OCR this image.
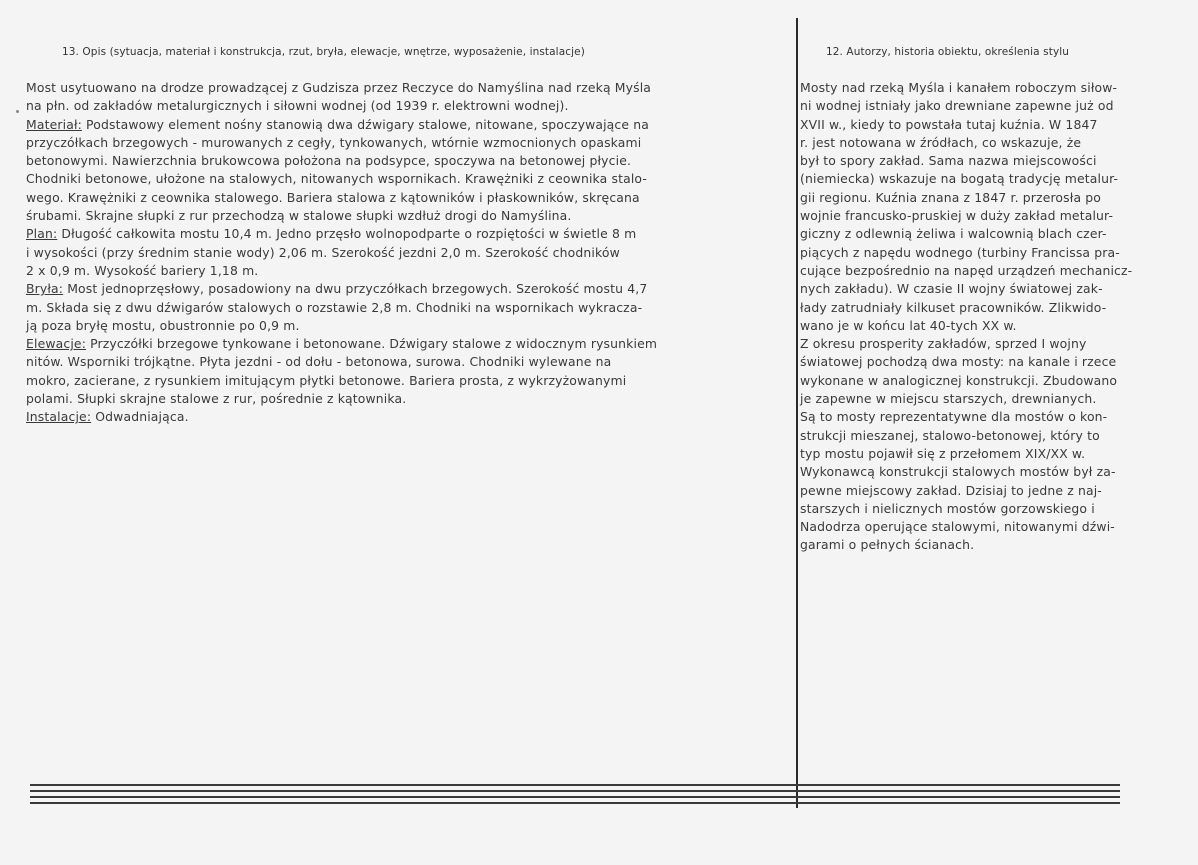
13. Opis (sytuacja, materiał i konstrukcja, rzut, bryła, elewacje, wnętrze, wyposażenie, instalacje)	12. Autorzy, historia obiektu, określenia stylu
Most usytuowano na drodze prowadzącej z Gudzisza przez Reczyce do Namyślina nad rzeką Myśla
na płn. od zakładów metalurgicznych i siłowni wodnej (od 1939 r. elektrowni wodnej).
Materiał: Podstawowy element nośny stanowią dwa dźwigary stalowe, nitowane, spoczywające na
przyczółkach brzegowych - murowanych z cegły, tynkowanych, wtórnie wzmocnionych opaskami
betonowymi. Nawierzchnia brukowcowa położona na podsypce, spoczywa na betonowej płycie.
Chodniki betonowe, ułożone na stalowych, nitowanych wspornikach. Krawężniki z ceownika stalo-
wego. Krawężniki z ceownika stalowego. Bariera stalowa z kątowników i płaskowników, skręcana
śrubami. Skrajne słupki z rur przechodzą w stalowe słupki wzdłuż drogi do Namyślina.
Plan: Długość całkowita mostu 10,4 m. Jedno przęsło wolnopodparte o rozpiętości w świetle 8 m
i wysokości (przy średnim stanie wody) 2,06 m. Szerokość jezdni 2,0 m. Szerokość chodników
2 x 0,9 m. Wysokość bariery 1,18 m.
Bryła: Most jednoprzęsłowy, posadowiony na dwu przyczółkach brzegowych. Szerokość mostu 4,7
m. Składa się z dwu dźwigarów stalowych o rozstawie 2,8 m. Chodniki na wspornikach wykracza-
ją poza bryłę mostu, obustronnie po 0,9 m.
Elewacje: Przyczółki brzegowe tynkowane i betonowane. Dźwigary stalowe z widocznym rysunkiem
nitów. Wsporniki trójkątne. Płyta jezdni - od dołu - betonowa, surowa. Chodniki wylewane na
mokro, zacierane, z rysunkiem imitującym płytki betonowe. Bariera prosta, z wykrzyżowanymi
polami. Słupki skrajne stalowe z rur, pośrednie z kątownika.
Instalacje: Odwadniająca.
Mosty nad rzeką Myśla i kanałem roboczym siłow-
ni wodnej istniały jako drewniane zapewne już od
XVII w., kiedy to powstała tutaj kuźnia. W 1847
r. jest notowana w źródłach, co wskazuje, że
był to spory zakład. Sama nazwa miejscowości
(niemiecka) wskazuje na bogatą tradycję metalur-
gii regionu. Kuźnia znana z 1847 r. przerosła po
wojnie francusko-pruskiej w duży zakład metalur-
giczny z odlewnią żeliwa i walcownią blach czer-
piących z napędu wodnego (turbiny Francissa pra-
cujące bezpośrednio na napęd urządzeń mechanicz-
nych zakładu). W czasie II wojny światowej zak-
łady zatrudniały kilkuset pracowników. Zlikwido-
wano je w końcu lat 40-tych XX w.
Z okresu prosperity zakładów, sprzed I wojny
światowej pochodzą dwa mosty: na kanale i rzece
wykonane w analogicznej konstrukcji. Zbudowano
je zapewne w miejscu starszych, drewnianych.
Są to mosty reprezentatywne dla mostów o kon-
strukcji mieszanej, stalowo-betonowej, który to
typ mostu pojawił się z przełomem XIX/XX w.
Wykonawcą konstrukcji stalowych mostów był za-
pewne miejscowy zakład. Dzisiaj to jedne z naj-
starszych i nielicznych mostów gorzowskiego i
Nadodrza operujące stalowymi, nitowanymi dźwi-
garami o pełnych ścianach.
